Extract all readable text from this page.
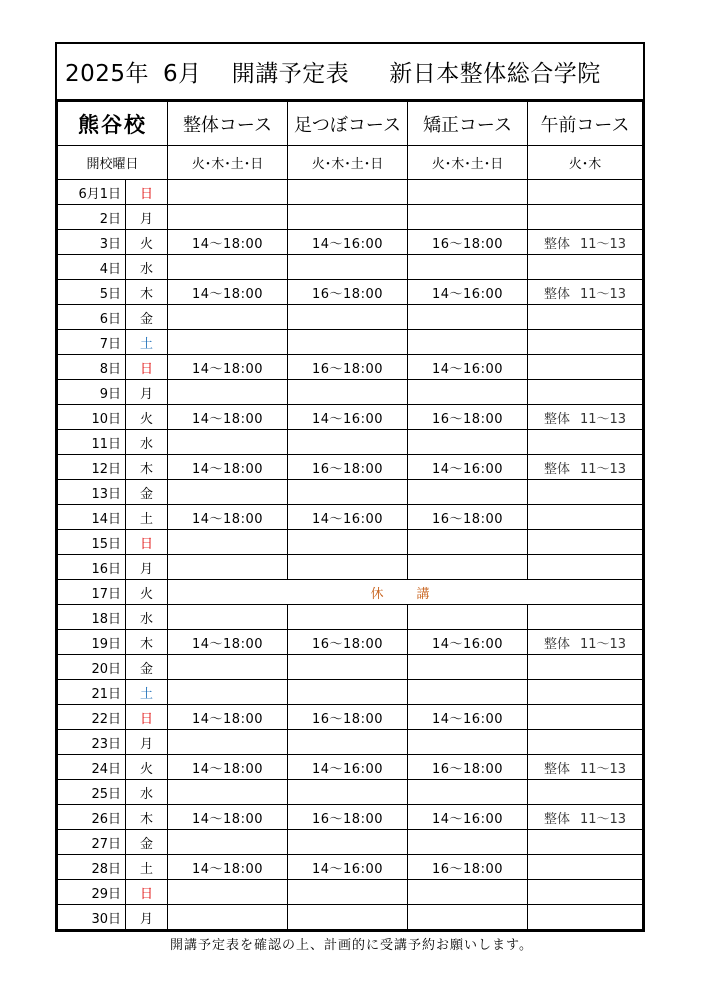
2025年 6月 開講予定表 新日本整体総合学院
熊谷校		整体コース	足つぼコース	矯正コース	午前コース
開校曜日		火･木･土･日	火･木･土･日	火･木･土･日	火･木
6月1日	日				
2日	月				
3日	火	14～18:00	14～16:00	16～18:00	整体 11～13
4日	水				
5日	木	14～18:00	16～18:00	14～16:00	整体 11～13
6日	金				
7日	土				
8日	日	14～18:00	16～18:00	14～16:00	
9日	月				
10日	火	14～18:00	14～16:00	16～18:00	整体 11～13
11日	水				
12日	木	14～18:00	16～18:00	14～16:00	整体 11～13
13日	金				
14日	土	14～18:00	14～16:00	16～18:00	
15日	日				
16日	月				
17日	火	休　講			
18日	水				
19日	木	14～18:00	16～18:00	14～16:00	整体 11～13
20日	金				
21日	土				
22日	日	14～18:00	16～18:00	14～16:00	
23日	月				
24日	火	14～18:00	14～16:00	16～18:00	整体 11～13
25日	水				
26日	木	14～18:00	16～18:00	14～16:00	整体 11～13
27日	金				
28日	土	14～18:00	14～16:00	16～18:00	
29日	日				
30日	月				
開講予定表を確認の上、計画的に受講予約お願いします。
